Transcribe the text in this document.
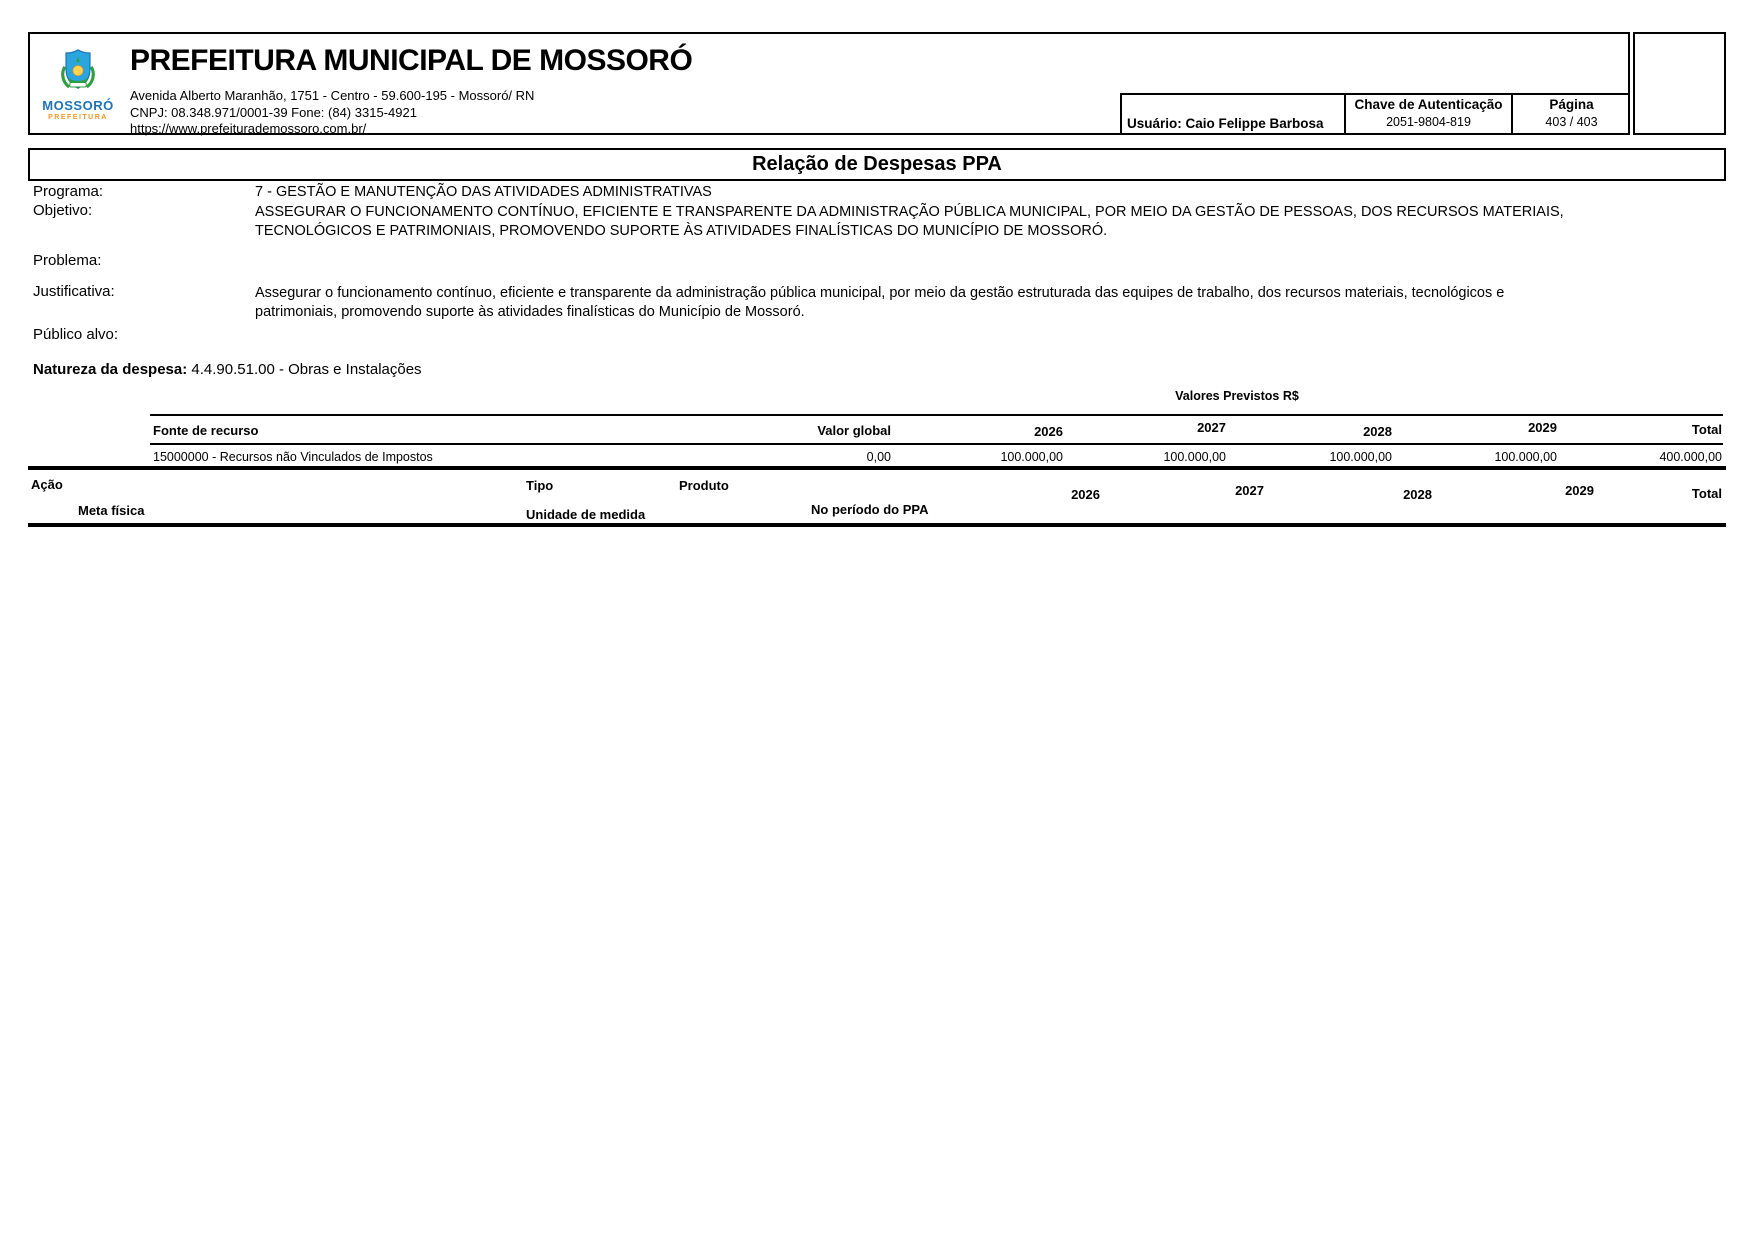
MOSSORÓ
PREFEITURA
PREFEITURA MUNICIPAL DE MOSSORÓ
Avenida Alberto Maranhão, 1751 - Centro - 59.600-195 - Mossoró/ RN
CNPJ: 08.348.971/0001-39 Fone: (84) 3315-4921
https://www.prefeiturademossoro.com.br/	Usuário: Caio Felippe Barbosa
Chave de Autenticação
2051-9804-819
Página
403 / 403
Relação de Despesas PPA
Programa:	7 - GESTÃO E MANUTENÇÃO DAS ATIVIDADES ADMINISTRATIVAS
Objetivo:	ASSEGURAR O FUNCIONAMENTO CONTÍNUO, EFICIENTE E TRANSPARENTE DA ADMINISTRAÇÃO PÚBLICA MUNICIPAL, POR MEIO DA GESTÃO DE PESSOAS, DOS RECURSOS MATERIAIS,
TECNOLÓGICOS E PATRIMONIAIS, PROMOVENDO SUPORTE ÀS ATIVIDADES FINALÍSTICAS DO MUNICÍPIO DE MOSSORÓ.
Problema:
Justificativa:	Assegurar o funcionamento contínuo, eficiente e transparente da administração pública municipal, por meio da gestão estruturada das equipes de trabalho, dos recursos materiais, tecnológicos e
patrimoniais, promovendo suporte às atividades finalísticas do Município de Mossoró.
Público alvo:
Natureza da despesa: 4.4.90.51.00 - Obras e Instalações
Valores Previstos R$
Fonte de recurso	Valor global	2026	2027	2028	2029	Total
15000000 - Recursos não Vinculados de Impostos	0,00	100.000,00	100.000,00	100.000,00	100.000,00	400.000,00
Ação	Tipo	Produto
2026	2027	2028	2029	Total
Meta física	Unidade de medida	No período do PPA
